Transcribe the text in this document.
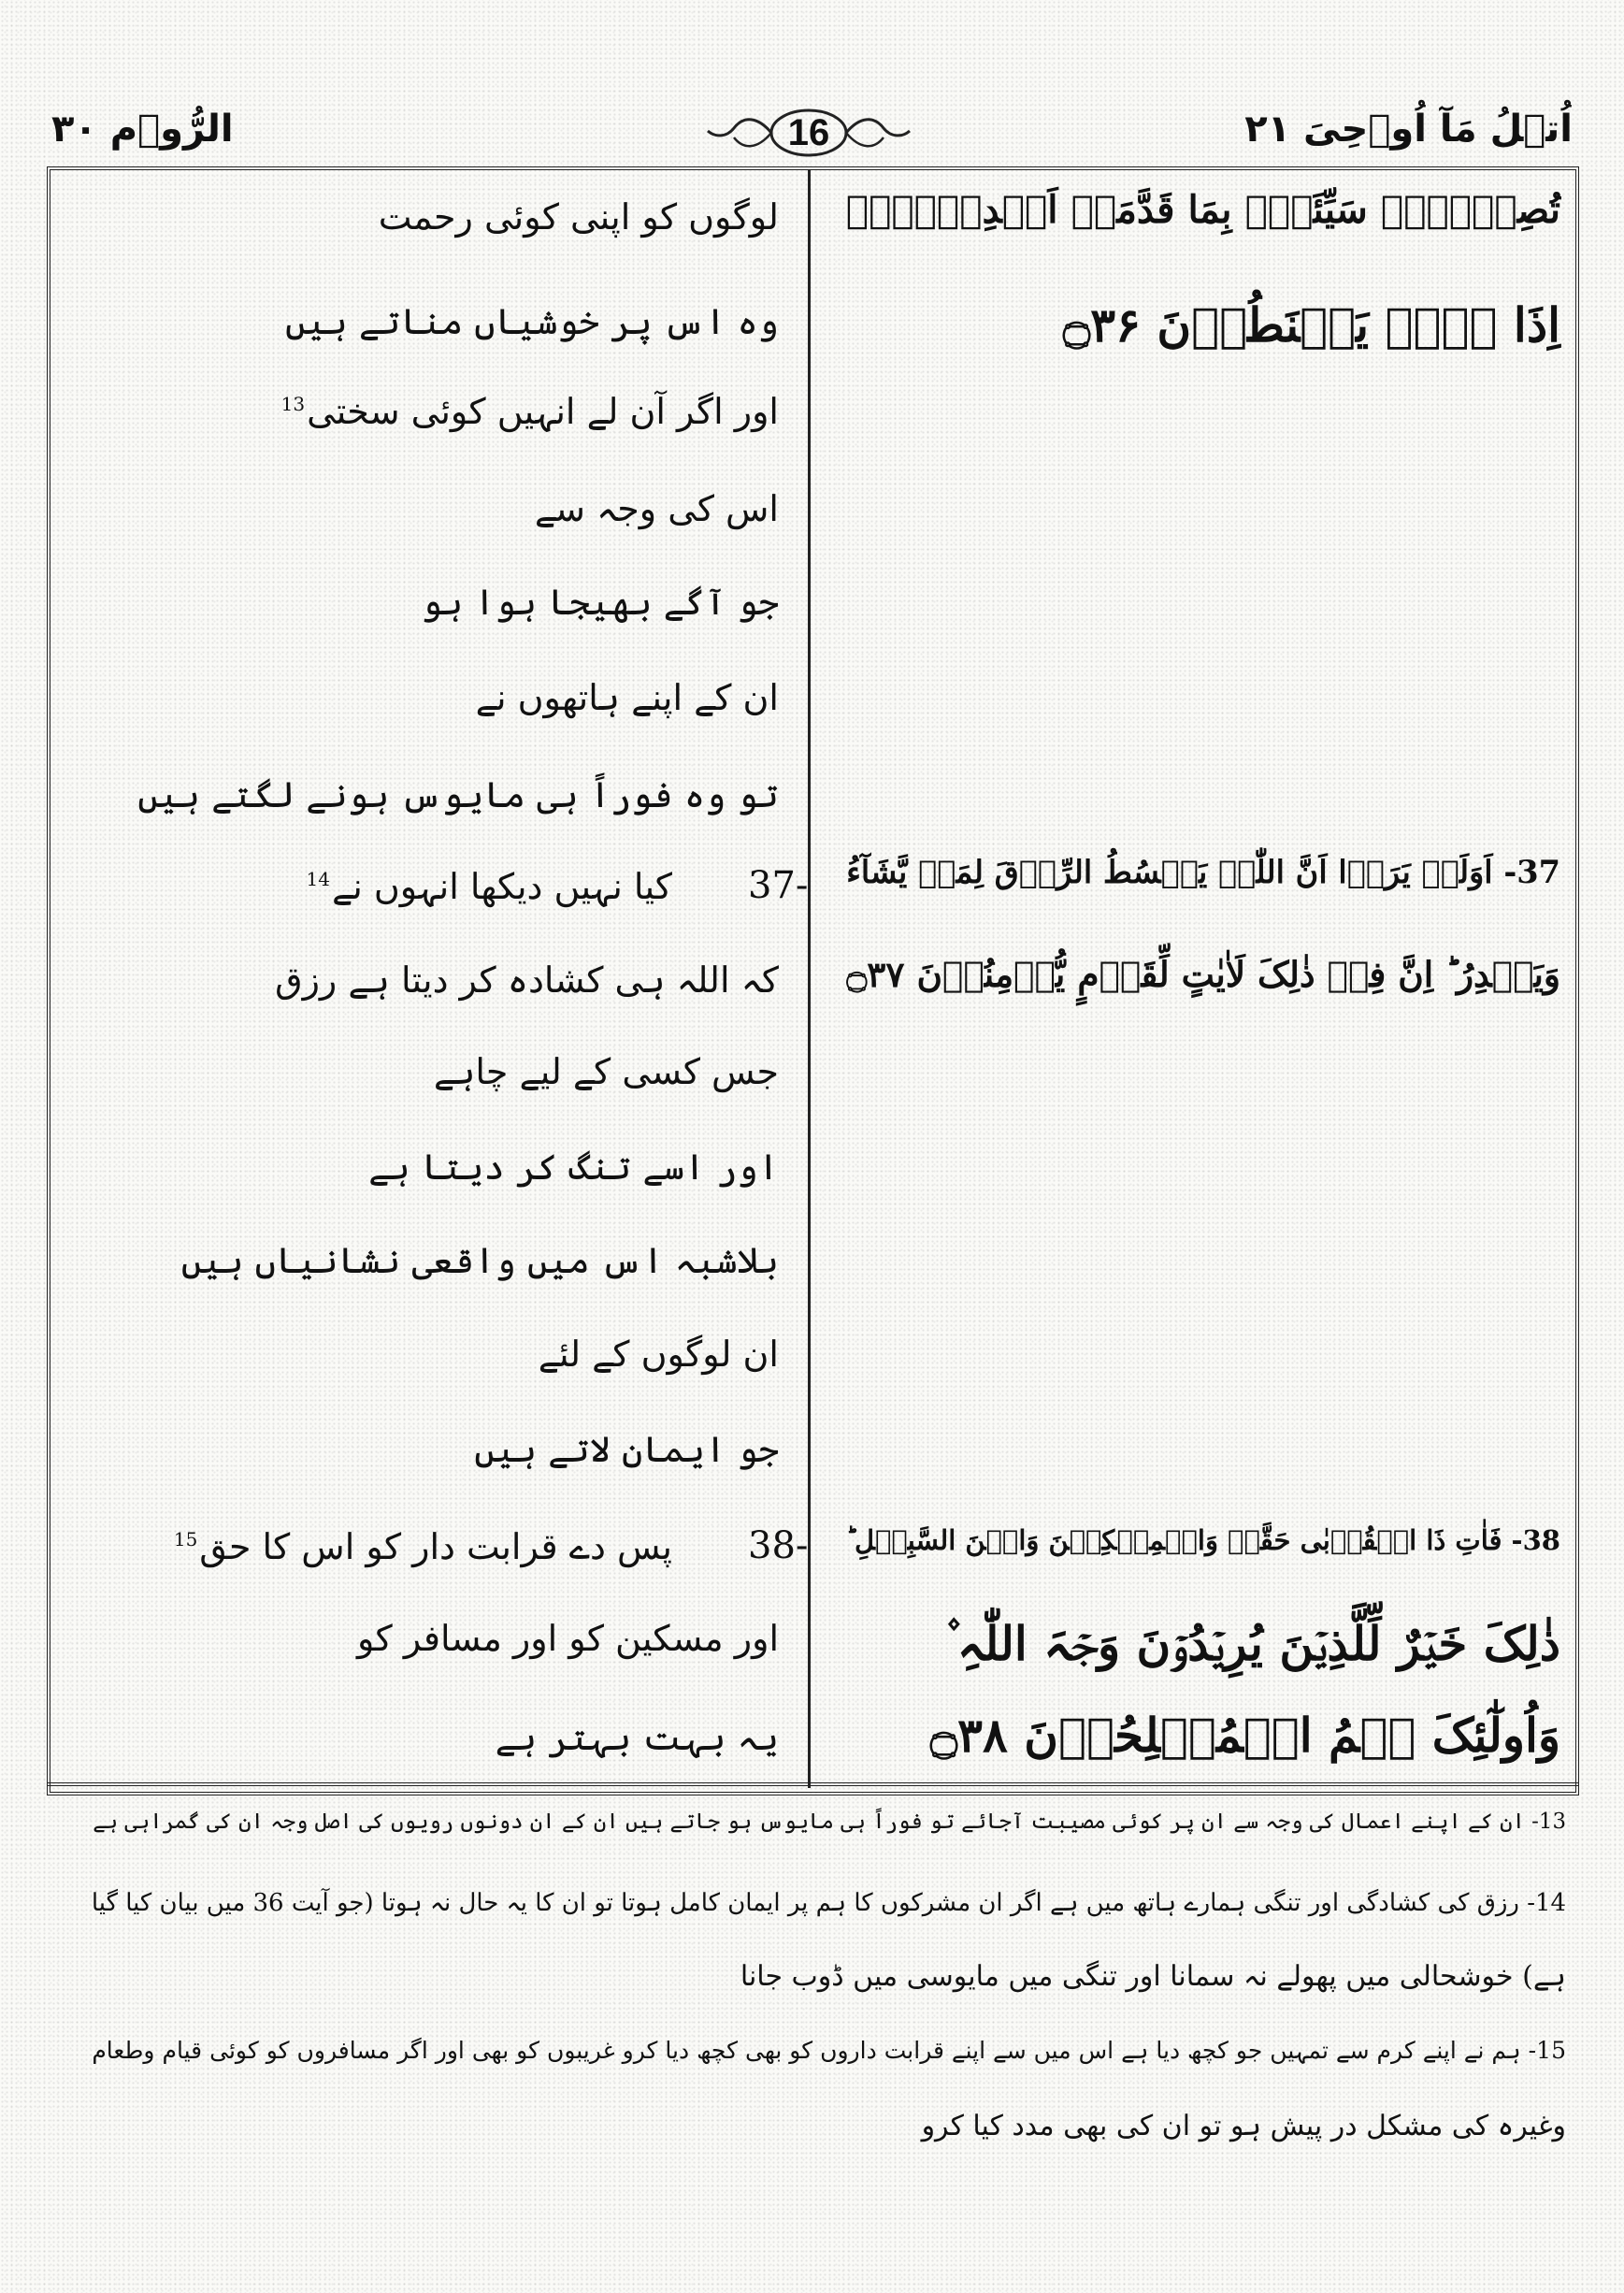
اُتۡلُ مَآ اُوۡحِیَ ۲۱
الرُّوۡم ۳۰	16
تُصِبۡہُمۡ سَیِّئَۃٌۢ بِمَا قَدَّمَتۡ اَیۡدِیۡہِمۡ
اِذَا ہُمۡ یَقۡنَطُوۡنَ ۝۳۶
37- اَوَلَمۡ یَرَوۡا اَنَّ اللّٰہَ یَبۡسُطُ الرِّزۡقَ لِمَنۡ یَّشَآءُ
وَیَقۡدِرُ ؕ اِنَّ فِیۡ ذٰلِکَ لَاٰیٰتٍ لِّقَوۡمٍ یُّؤۡمِنُوۡنَ ۝۳۷
38- فَاٰتِ ذَا الۡقُرۡبٰی حَقَّہٗ وَالۡمِسۡکِیۡنَ وَابۡنَ السَّبِیۡلِ ؕ
ذٰلِکَ خَیۡرٌ لِّلَّذِیۡنَ یُرِیۡدُوۡنَ وَجۡہَ اللّٰہِ ۫
وَاُولٰٓئِکَ ہُمُ الۡمُفۡلِحُوۡنَ ۝۳۸
لوگوں کو اپنی کوئی رحمت
وہ اس پر خوشیاں مناتے ہیں
اور اگر آن لے انہیں کوئی سختی$^{13}$
اس کی وجہ سے
جو آگے بھیجا ہوا ہو
ان کے اپنے ہاتھوں نے
تو وہ فوراً ہی مایوس ہونے لگتے ہیں
37-
کیا نہیں دیکھا انہوں نے$^{14}$
کہ اللہ ہی کشادہ کر دیتا ہے رزق
جس کسی کے لیے چاہے
اور اسے تنگ کر دیتا ہے
بلاشبہ اس میں واقعی نشانیاں ہیں
ان لوگوں کے لئے
جو ایمان لاتے ہیں
38-
پس دے قرابت دار کو اس کا حق$^{15}$
اور مسکین کو اور مسافر کو
یہ بہت بہتر ہے
13- ان کے اپنے اعمال کی وجہ سے ان پر کوئی مصیبت آجائے تو فوراً ہی مایوس ہو جاتے ہیں ان کے ان دونوں رویوں کی اصل وجہ ان کی گمراہی ہے
14- رزق کی کشادگی اور تنگی ہمارے ہاتھ میں ہے اگر ان مشرکوں کا ہم پر ایمان کامل ہوتا تو ان کا یہ حال نہ ہوتا (جو آیت 36 میں بیان کیا گیا
ہے) خوشحالی میں پھولے نہ سمانا اور تنگی میں مایوسی میں ڈوب جانا
15- ہم نے اپنے کرم سے تمہیں جو کچھ دیا ہے اس میں سے اپنے قرابت داروں کو بھی کچھ دیا کرو غریبوں کو بھی اور اگر مسافروں کو کوئی قیام وطعام
وغیرہ کی مشکل در پیش ہو تو ان کی بھی مدد کیا کرو
